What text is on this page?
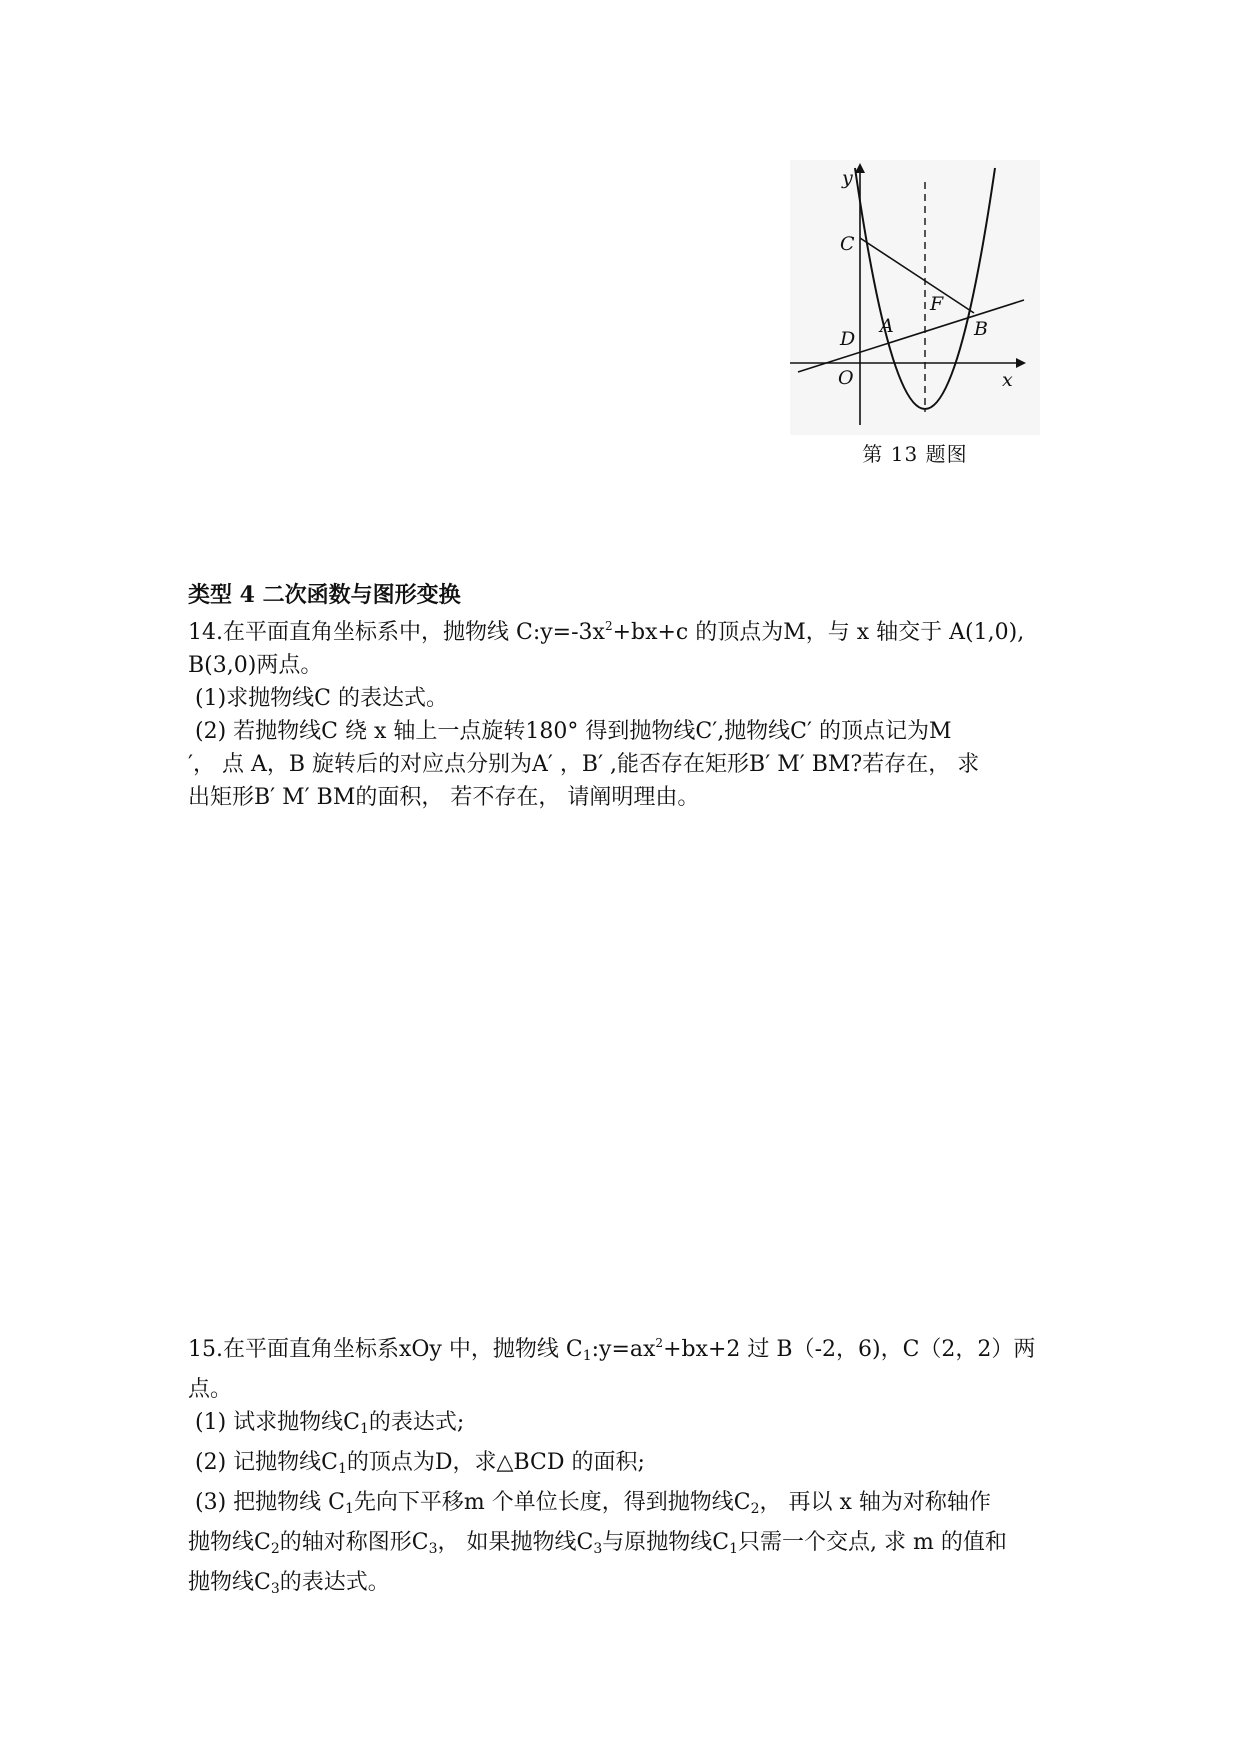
y
x
C
D
O
A
F
B
第 13 题图
类型 4 二次函数与图形变换

14.在平面直角坐标系中，抛物线 $C:y=-3x^2+bx+c$ 的顶点为M，与 x 轴交于 A(1,0),

B(3,0)两点。

(1)求抛物线C 的表达式。

(2) 若抛物线C 绕 x 轴上一点旋转180° 得到抛物线C′,抛物线C′ 的顶点记为M

′， 点 A，B 旋转后的对应点分别为A′ ，B′ ,能否存在矩形B′ M′ BM?若存在， 求

出矩形B′ M′ BM的面积， 若不存在， 请阐明理由。

15.在平面直角坐标系xOy 中，抛物线 $C_1:y=ax^2+bx+2$ 过 B（-2，6)，C（2，2）两点。

(1) 试求抛物线$C_1$的表达式;

(2) 记抛物线$C_1$的顶点为D，求△BCD 的面积;

(3) 把抛物线 $C_1$先向下平移m 个单位长度，得到抛物线$C_2$， 再以 x 轴为对称轴作

抛物线$C_2$的轴对称图形$C_3$， 如果抛物线$C_3$与原抛物线$C_1$只需一个交点, 求 m 的值和

抛物线$C_3$的表达式。
